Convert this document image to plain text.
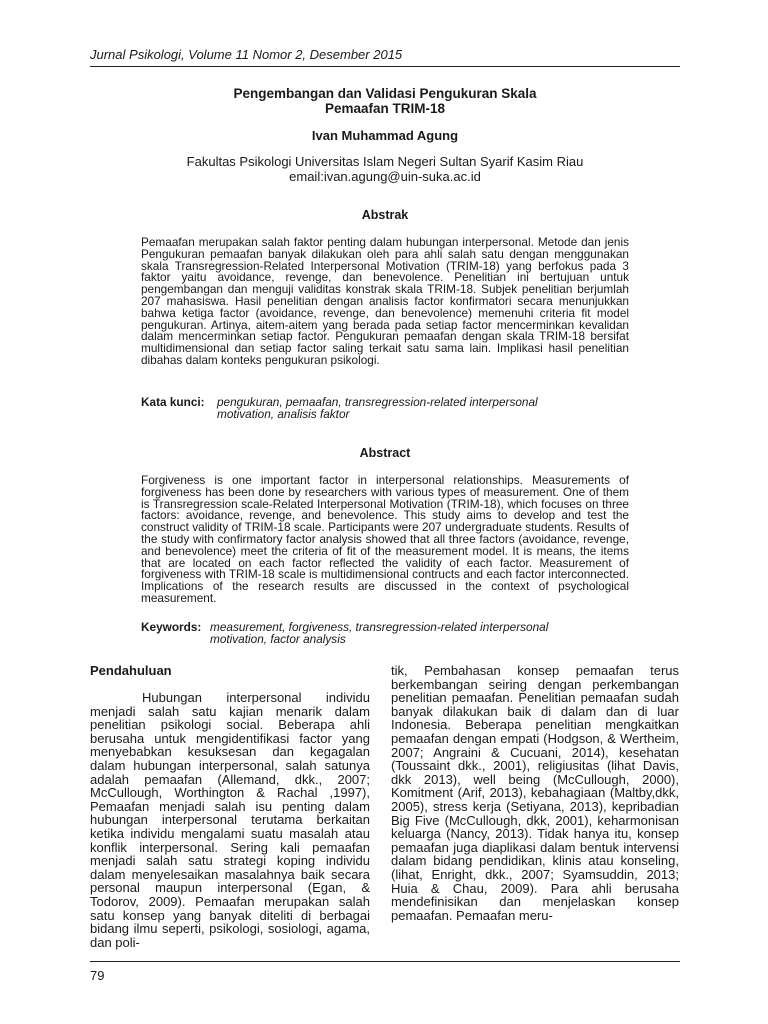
Jurnal Psikologi, Volume 11 Nomor 2, Desember 2015
Pengembangan dan Validasi Pengukuran Skala
Pemaafan TRIM-18
Ivan Muhammad Agung
Fakultas Psikologi Universitas Islam Negeri Sultan Syarif Kasim Riau
email:ivan.agung@uin-suka.ac.id
Abstrak
Pemaafan merupakan salah faktor penting dalam hubungan interpersonal. Metode dan jenis Pengukuran pemaafan banyak dilakukan oleh para ahli salah satu dengan menggunakan skala Transregression-Related Interpersonal Motivation (TRIM-18) yang berfokus pada 3 faktor yaitu avoidance, revenge, dan benevolence. Penelitian ini bertujuan untuk pengembangan dan menguji validitas konstrak skala TRIM-18. Subjek penelitian berjumlah 207 mahasiswa. Hasil penelitian dengan analisis factor konfirmatori secara menunjukkan bahwa ketiga factor (avoidance, revenge, dan benevolence) memenuhi criteria fit model pengukuran. Artinya, aitem-aitem yang berada pada setiap factor mencerminkan kevalidan dalam mencerminkan setiap factor. Pengukuran pemaafan dengan skala TRIM-18 bersifat multidimensional dan setiap factor saling terkait satu sama lain. Implikasi hasil penelitian dibahas dalam konteks pengukuran psikologi.
Kata kunci: pengukuran, pemaafan, transregression-related interpersonal
motivation, analisis faktor
Abstract
Forgiveness is one important factor in interpersonal relationships. Measurements of forgiveness has been done by researchers with various types of measurement. One of them is Transregression scale-Related Interpersonal Motivation (TRIM-18), which focuses on three factors: avoidance, revenge, and benevolence. This study aims to develop and test the construct validity of TRIM-18 scale. Participants were 207 undergraduate students. Results of the study with confirmatory factor analysis showed that all three factors (avoidance, revenge, and benevolence) meet the criteria of fit of the measurement model. It is means, the items that are located on each factor reflected the validity of each factor. Measurement of forgiveness with TRIM-18 scale is multidimensional contructs and each factor interconnected. Implications of the research results are discussed in the context of psychological measurement.
Keywords: measurement, forgiveness, transregression-related interpersonal
motivation, factor analysis
Pendahuluan

Hubungan interpersonal individu menjadi salah satu kajian menarik dalam penelitian psikologi social. Beberapa ahli berusaha untuk mengidentifikasi factor yang menyebabkan kesuksesan dan kegagalan dalam hubungan interpersonal, salah satunya adalah pemaafan (Allemand, dkk., 2007; McCullough, Worthington & Rachal ,1997), Pemaafan menjadi salah isu penting dalam hubungan interpersonal terutama berkaitan ketika individu mengalami suatu masalah atau konflik interpersonal. Sering kali pemaafan menjadi salah satu strategi koping individu dalam menyelesaikan masalahnya baik secara personal maupun interpersonal (Egan, & Todorov, 2009). Pemaafan merupakan salah satu konsep yang banyak diteliti di berbagai bidang ilmu seperti, psikologi, sosiologi, agama, dan poli-

tik, Pembahasan konsep pemaafan terus berkembangan seiring dengan perkembangan penelitian pemaafan. Penelitian pemaafan sudah banyak dilakukan baik di dalam dan di luar Indonesia. Beberapa penelitian mengkaitkan pemaafan dengan empati (Hodgson, & Wertheim, 2007; Angraini & Cucuani, 2014), kesehatan (Toussaint dkk., 2001), religiusitas (lihat Davis, dkk 2013), well being (McCullough, 2000), Komitment (Arif, 2013), kebahagiaan (Maltby,dkk, 2005), stress kerja (Setiyana, 2013), kepribadian Big Five (McCullough, dkk, 2001), keharmonisan keluarga (Nancy, 2013). Tidak hanya itu, konsep pemaafan juga diaplikasi dalam bentuk intervensi dalam bidang pendidikan, klinis atau konseling, (lihat, Enright, dkk., 2007; Syamsuddin, 2013; Huia & Chau, 2009). Para ahli berusaha mendefinisikan dan menjelaskan konsep pemaafan. Pemaafan meru-

79
